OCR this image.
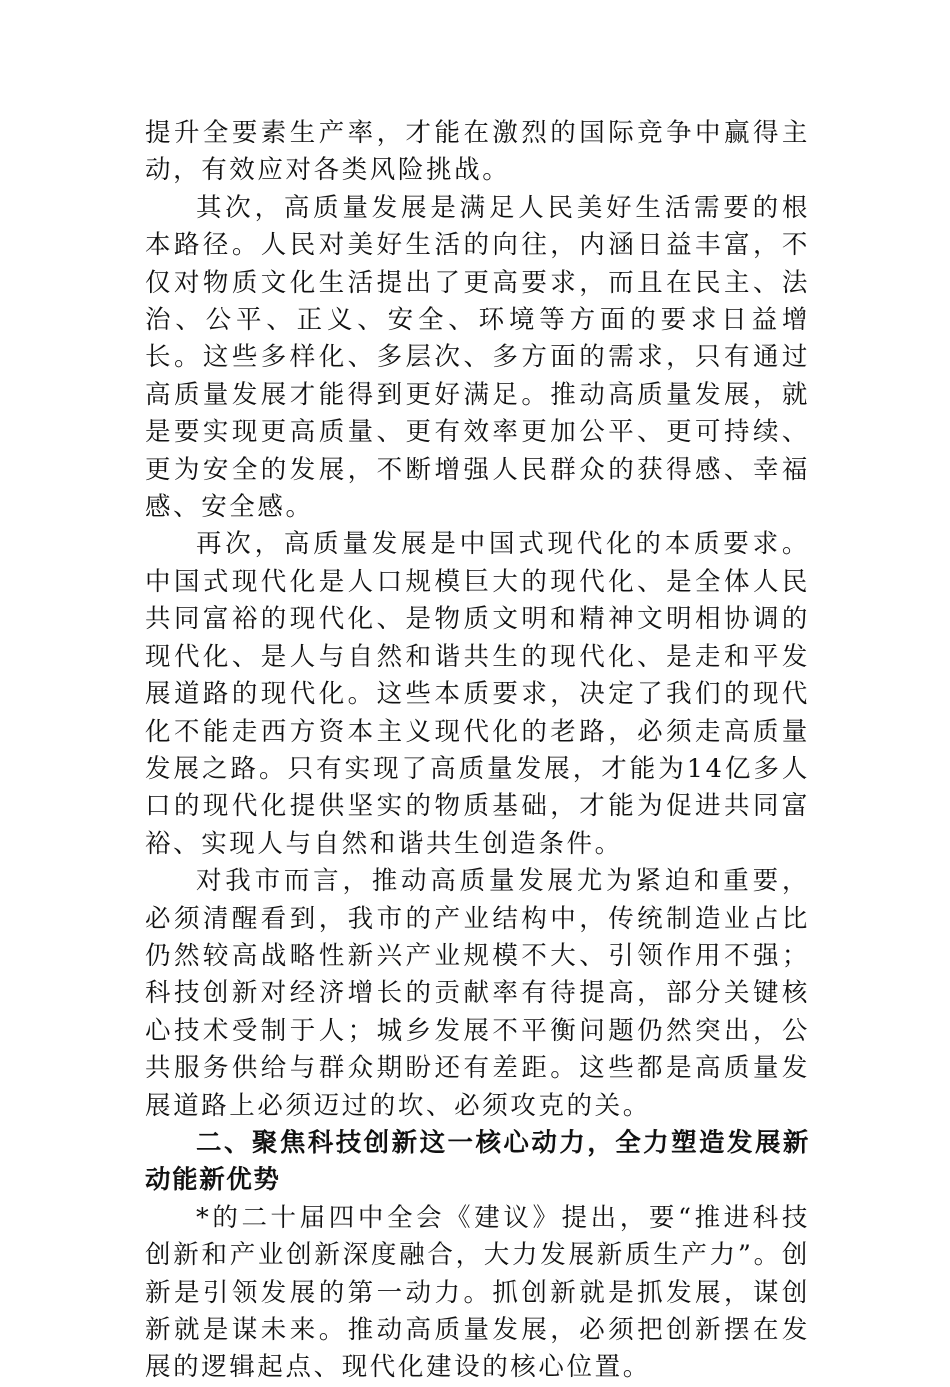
提升全要素生产率，才能在激烈的国际竞争中赢得主动，有效应对各类风险挑战。

其次，高质量发展是满足人民美好生活需要的根本路径。人民对美好生活的向往，内涵日益丰富，不仅对物质文化生活提出了更高要求，而且在民主、法治、公平、正义、安全、环境等方面的要求日益增长。这些多样化、多层次、多方面的需求，只有通过高质量发展才能得到更好满足。推动高质量发展，就是要实现更高质量、更有效率更加公平、更可持续、更为安全的发展，不断增强人民群众的获得感、幸福感、安全感。

再次，高质量发展是中国式现代化的本质要求。中国式现代化是人口规模巨大的现代化、是全体人民共同富裕的现代化、是物质文明和精神文明相协调的现代化、是人与自然和谐共生的现代化、是走和平发展道路的现代化。这些本质要求，决定了我们的现代化不能走西方资本主义现代化的老路，必须走高质量发展之路。只有实现了高质量发展，才能为14亿多人口的现代化提供坚实的物质基础，才能为促进共同富裕、实现人与自然和谐共生创造条件。

对我市而言，推动高质量发展尤为紧迫和重要，必须清醒看到，我市的产业结构中，传统制造业占比仍然较高战略性新兴产业规模不大、引领作用不强；科技创新对经济增长的贡献率有待提高，部分关键核心技术受制于人；城乡发展不平衡问题仍然突出，公共服务供给与群众期盼还有差距。这些都是高质量发展道路上必须迈过的坎、必须攻克的关。

二、聚焦科技创新这一核心动力，全力塑造发展新动能新优势

*的二十届四中全会《建议》提出，要“推进科技创新和产业创新深度融合，大力发展新质生产力”。创新是引领发展的第一动力。抓创新就是抓发展，谋创新就是谋未来。推动高质量发展，必须把创新摆在发展的逻辑起点、现代化建设的核心位置。
